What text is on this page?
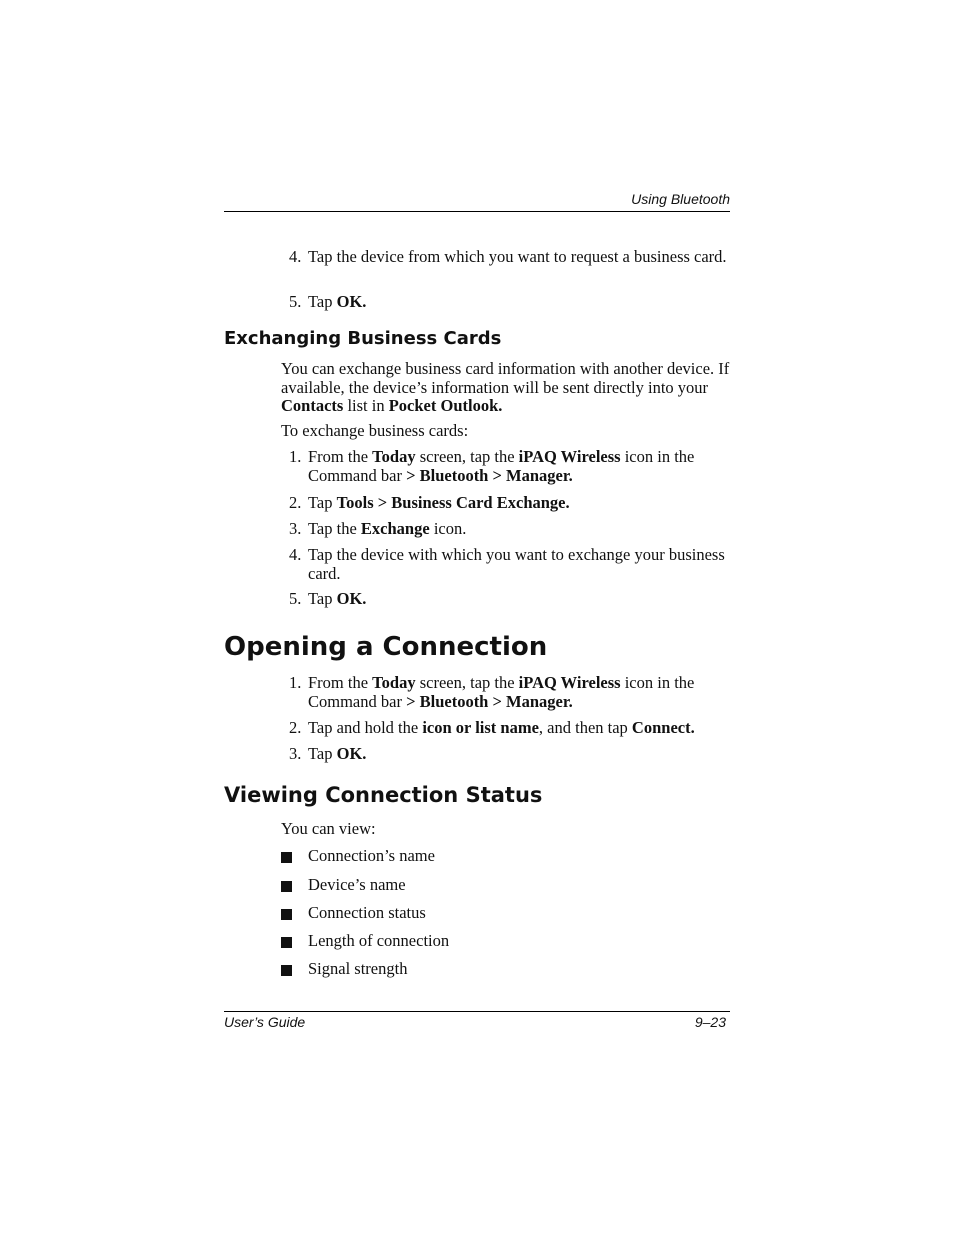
Using Bluetooth
4. Tap the device from which you want to request a business card.
5. Tap OK.
Exchanging Business Cards
You can exchange business card information with another device. If available, the device’s information will be sent directly into your Contacts list in Pocket Outlook.
To exchange business cards:
1. From the Today screen, tap the iPAQ Wireless icon in the Command bar > Bluetooth > Manager.
2. Tap Tools > Business Card Exchange.
3. Tap the Exchange icon.
4. Tap the device with which you want to exchange your business card.
5. Tap OK.
Opening a Connection
1. From the Today screen, tap the iPAQ Wireless icon in the Command bar > Bluetooth > Manager.
2. Tap and hold the icon or list name, and then tap Connect.
3. Tap OK.
Viewing Connection Status
You can view:
Connection’s name
Device’s name
Connection status
Length of connection
Signal strength
User’s Guide	9–23
